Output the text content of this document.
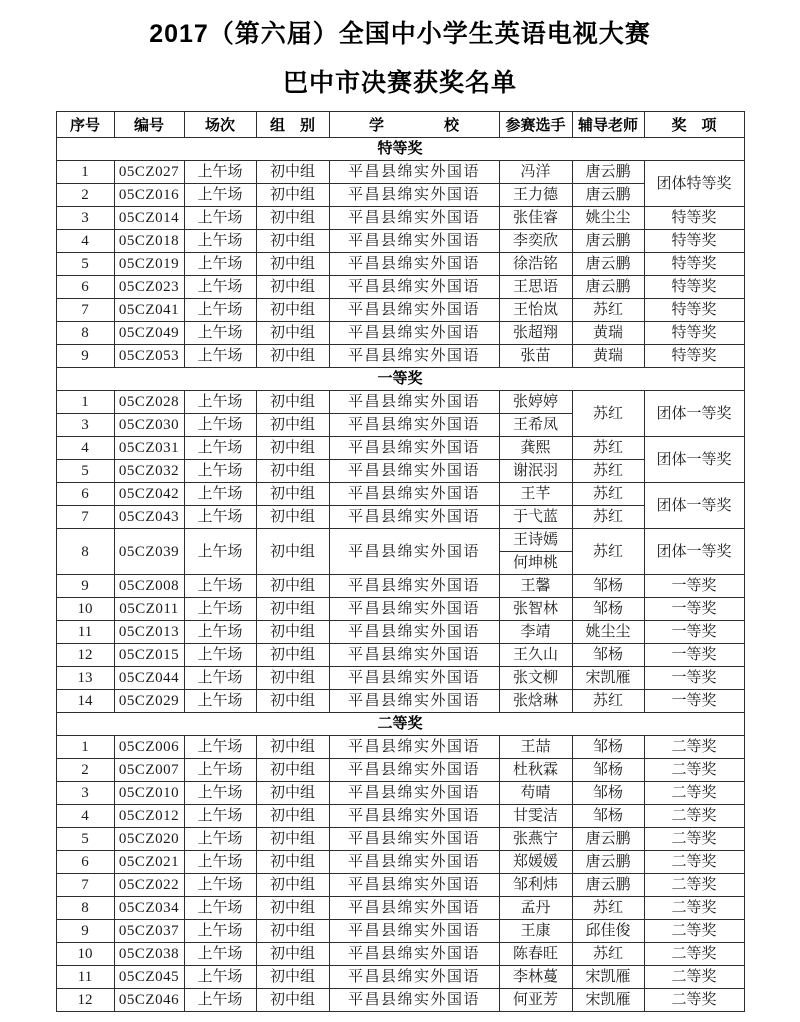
2017（第六届）全国中小学生英语电视大赛
巴中市决赛获奖名单
序号	编号	场次	组　别	学　　　　校	参赛选手	辅导老师	奖　项
特等奖							
1	05CZ027	上午场	初中组	平昌县绵实外国语	冯洋	唐云鹏	团体特等奖
2	05CZ016	上午场	初中组	平昌县绵实外国语	王力德	唐云鹏	
3	05CZ014	上午场	初中组	平昌县绵实外国语	张佳睿	姚尘尘	特等奖
4	05CZ018	上午场	初中组	平昌县绵实外国语	李奕欣	唐云鹏	特等奖
5	05CZ019	上午场	初中组	平昌县绵实外国语	徐浩铭	唐云鹏	特等奖
6	05CZ023	上午场	初中组	平昌县绵实外国语	王思语	唐云鹏	特等奖
7	05CZ041	上午场	初中组	平昌县绵实外国语	王怡岚	苏红	特等奖
8	05CZ049	上午场	初中组	平昌县绵实外国语	张超翔	黄瑞	特等奖
9	05CZ053	上午场	初中组	平昌县绵实外国语	张苗	黄瑞	特等奖
一等奖							
1	05CZ028	上午场	初中组	平昌县绵实外国语	张婷婷	苏红	团体一等奖
3	05CZ030	上午场	初中组	平昌县绵实外国语	王希凤		
4	05CZ031	上午场	初中组	平昌县绵实外国语	龚熙	苏红	团体一等奖
5	05CZ032	上午场	初中组	平昌县绵实外国语	谢泯羽	苏红	
6	05CZ042	上午场	初中组	平昌县绵实外国语	王芊	苏红	团体一等奖
7	05CZ043	上午场	初中组	平昌县绵实外国语	于弋蓝	苏红	
8	05CZ039	上午场	初中组	平昌县绵实外国语	王诗嫣	苏红	团体一等奖
					何坤桃		
9	05CZ008	上午场	初中组	平昌县绵实外国语	王馨	邹杨	一等奖
10	05CZ011	上午场	初中组	平昌县绵实外国语	张智林	邹杨	一等奖
11	05CZ013	上午场	初中组	平昌县绵实外国语	李靖	姚尘尘	一等奖
12	05CZ015	上午场	初中组	平昌县绵实外国语	王久山	邹杨	一等奖
13	05CZ044	上午场	初中组	平昌县绵实外国语	张文柳	宋凯雁	一等奖
14	05CZ029	上午场	初中组	平昌县绵实外国语	张焓琳	苏红	一等奖
二等奖							
1	05CZ006	上午场	初中组	平昌县绵实外国语	王喆	邹杨	二等奖
2	05CZ007	上午场	初中组	平昌县绵实外国语	杜秋霖	邹杨	二等奖
3	05CZ010	上午场	初中组	平昌县绵实外国语	苟晴	邹杨	二等奖
4	05CZ012	上午场	初中组	平昌县绵实外国语	甘雯洁	邹杨	二等奖
5	05CZ020	上午场	初中组	平昌县绵实外国语	张燕宁	唐云鹏	二等奖
6	05CZ021	上午场	初中组	平昌县绵实外国语	郑媛媛	唐云鹏	二等奖
7	05CZ022	上午场	初中组	平昌县绵实外国语	邹利炜	唐云鹏	二等奖
8	05CZ034	上午场	初中组	平昌县绵实外国语	孟丹	苏红	二等奖
9	05CZ037	上午场	初中组	平昌县绵实外国语	王康	邱佳俊	二等奖
10	05CZ038	上午场	初中组	平昌县绵实外国语	陈春旺	苏红	二等奖
11	05CZ045	上午场	初中组	平昌县绵实外国语	李林蔓	宋凯雁	二等奖
12	05CZ046	上午场	初中组	平昌县绵实外国语	何亚芳	宋凯雁	二等奖
